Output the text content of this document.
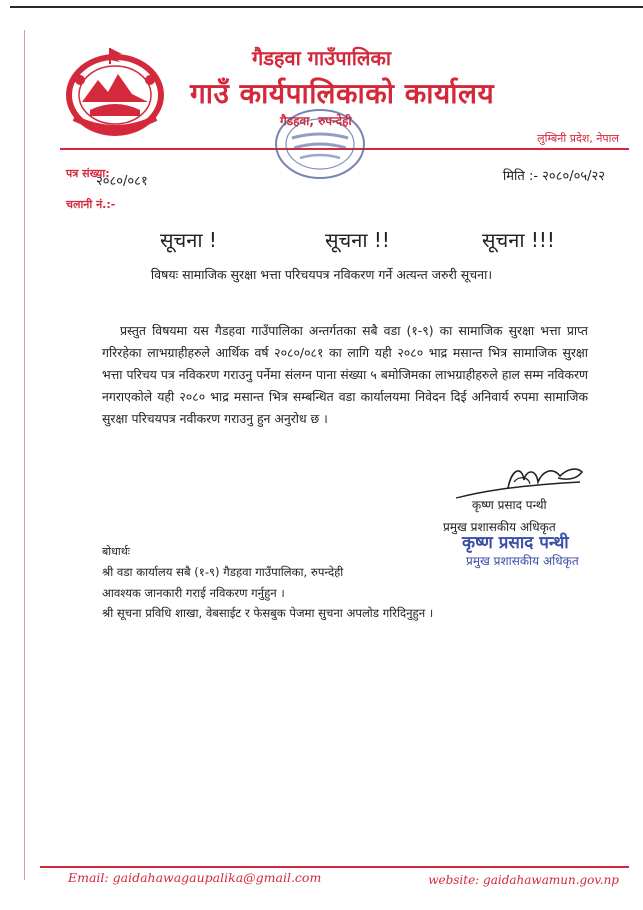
गैडहवा गाउँपालिका
गाउँ कार्यपालिकाको कार्यालय
गैडहवा, रुपन्देही
लुम्बिनी प्रदेश, नेपाल
पत्र संख्या:
२०८०/०८१
चलानी नं.:-
मिति :- २०८०/०५/२२
सूचना !	सूचना !!	सूचना !!!
विषयः सामाजिक सुरक्षा भत्ता परिचयपत्र नविकरण गर्ने अत्यन्त जरुरी सूचना।
प्रस्तुत विषयमा यस गैडहवा गाउँपालिका अन्तर्गतका सबै वडा (१-९) का सामाजिक सुरक्षा भत्ता प्राप्त गरिरहेका लाभग्राहीहरुले आर्थिक वर्ष २०८०/०८१ का लागि यही २०८० भाद्र मसान्त भित्र सामाजिक सुरक्षा भत्ता परिचय पत्र नविकरण गराउनु पर्नेमा संलग्न पाना संख्या ५ बमोजिमका लाभग्राहीहरुले हाल सम्म नविकरण नगराएकोले यही २०८० भाद्र मसान्त भित्र सम्बन्धित वडा कार्यालयमा निवेदन दिई अनिवार्य रुपमा सामाजिक सुरक्षा परिचयपत्र नवीकरण गराउनु हुन अनुरोध छ ।
कृष्ण प्रसाद पन्थी
प्रमुख प्रशासकीय अधिकृत
कृष्ण प्रसाद पन्थी
प्रमुख प्रशासकीय अधिकृत
बोधार्थः
श्री वडा कार्यालय सबै (१-९) गैडहवा गाउँपालिका, रुपन्देही
आवश्यक जानकारी गराई नविकरण गर्नुहुन ।
श्री सूचना प्रविधि शाखा, वेबसाईट र फेसबुक पेजमा सुचना अपलोड गरिदिनुहुन ।
Email: gaidahawagaupalika@gmail.com	website: gaidahawamun.gov.np
